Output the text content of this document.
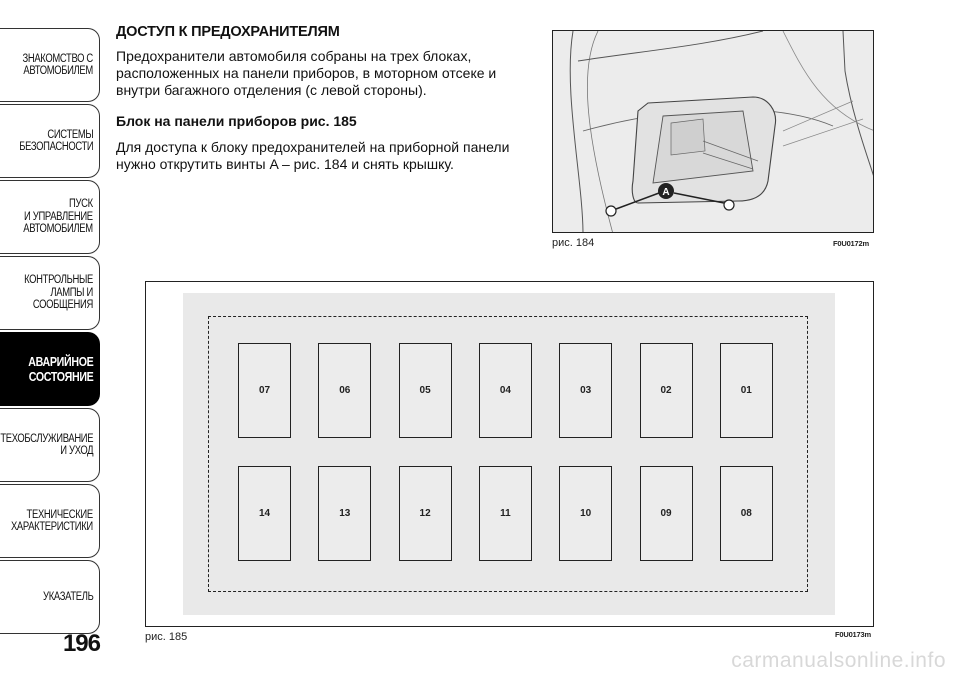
ЗНАКОМСТВО С
АВТОМОБИЛЕМ
СИСТЕМЫ
БЕЗОПАСНОСТИ
ПУСК
И УПРАВЛЕНИЕ
АВТОМОБИЛЕМ
КОНТРОЛЬНЫЕ
ЛАМПЫ И
СООБЩЕНИЯ
АВАРИЙНОЕ
СОСТОЯНИЕ
ТЕХОБСЛУЖИВАНИЕ
И УХОД
ТЕХНИЧЕСКИЕ
ХАРАКТЕРИСТИКИ
УКАЗАТЕЛЬ
196
ДОСТУП К ПРЕДОХРАНИТЕЛЯМ

Предохранители автомобиля собраны на трех блоках, расположенных на панели приборов, в моторном отсеке и внутри багажного отделения (с левой стороны).

Блок на панели приборов рис. 185

Для доступа к блоку предохранителей на приборной панели нужно открутить винты A – рис. 184 и снять крышку.

A
рис. 184	F0U0172m
07	06	05	04	03	02	01
14	13	12	11	10	09	08
рис. 185	F0U0173m
carmanualsonline.info
